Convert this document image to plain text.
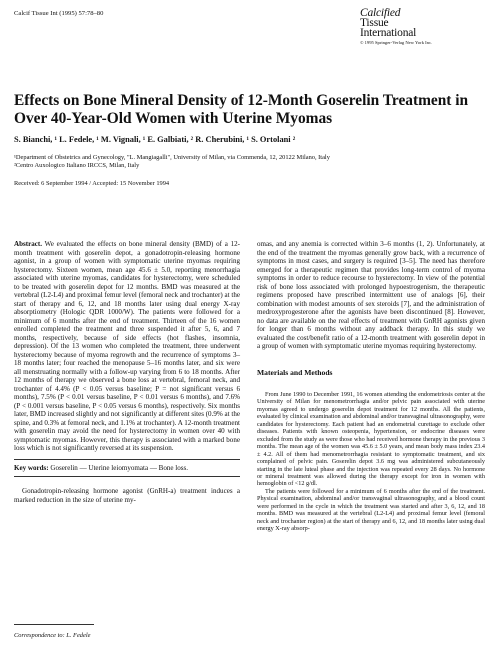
Calcif Tissue Int (1995) 57:78–80	Calcified
Tissue
International
© 1995 Springer-Verlag New York Inc.
Effects on Bone Mineral Density of 12-Month Goserelin Treatment in Over 40-Year-Old Women with Uterine Myomas
S. Bianchi, ¹ L. Fedele, ¹ M. Vignali, ¹ E. Galbiati, ² R. Cherubini, ¹ S. Ortolani ²
¹Department of Obstetrics and Gynecology, "L. Mangiagalli", University of Milan, via Commenda, 12, 20122 Milano, Italy
²Centro Auxologico Italiano IRCCS, Milan, Italy
Received: 6 September 1994 / Accepted: 15 November 1994

Abstract. We evaluated the effects on bone mineral density (BMD) of a 12-month treatment with goserelin depot, a gonadotropin-releasing hormone agonist, in a group of women with symptomatic uterine myomas requiring hysterectomy. Sixteen women, mean age 45.6 ± 5.0, reporting menorrhagia associated with uterine myomas, candidates for hysterectomy, were scheduled to be treated with goserelin depot for 12 months. BMD was measured at the vertebral (L2-L4) and proximal femur level (femoral neck and trochanter) at the start of therapy and 6, 12, and 18 months later using dual energy X-ray absorptiometry (Hologic QDR 1000/W). The patients were followed for a minimum of 6 months after the end of treatment. Thirteen of the 16 women enrolled completed the treatment and three suspended it after 5, 6, and 7 months, respectively, because of side effects (hot flashes, insomnia, depression). Of the 13 women who completed the treatment, three underwent hysterectomy because of myoma regrowth and the recurrence of symptoms 3–18 months later; four reached the menopause 5–16 months later, and six were all menstruating normally with a follow-up varying from 6 to 18 months. After 12 months of therapy we observed a bone loss at vertebral, femoral neck, and trochanter of 4.4% (P < 0.05 versus baseline; P = not significant versus 6 months), 7.5% (P < 0.01 versus baseline, P < 0.01 versus 6 months), and 7.6% (P < 0.001 versus baseline, P < 0.05 versus 6 months), respectively. Six months later, BMD increased slightly and not significantly at different sites (0.9% at the spine, and 0.3% at femoral neck, and 1.1% at trochanter). A 12-month treatment with goserelin may avoid the need for hysterectomy in women over 40 with symptomatic myomas. However, this therapy is associated with a marked bone loss which is not significantly reversed at its suspension.

Key words: Goserelin — Uterine leiomyomata — Bone loss.

Gonadotropin-releasing hormone agonist (GnRH-a) treatment induces a marked reduction in the size of uterine my-

Correspondence to: L. Fedele

omas, and any anemia is corrected within 3–6 months (1, 2). Unfortunately, at the end of the treatment the myomas generally grow back, with a recurrence of symptoms in most cases, and surgery is required [3–5]. The need has therefore emerged for a therapeutic regimen that provides long-term control of myoma symptoms in order to reduce recourse to hysterectomy. In view of the potential risk of bone loss associated with prolonged hypoestrogenism, the therapeutic regimens proposed have prescribed intermittent use of analogs [6], their combination with modest amounts of sex steroids [7], and the administration of medroxyprogesterone after the agonists have been discontinued [8]. However, no data are available on the real effects of treatment with GnRH agonists given for longer than 6 months without any addback therapy. In this study we evaluated the cost/benefit ratio of a 12-month treatment with goserelin depot in a group of women with symptomatic uterine myomas requiring hysterectomy.

Materials and Methods

From June 1990 to December 1991, 16 women attending the endometriosis center at the University of Milan for menometrorrhagia and/or pelvic pain associated with uterine myomas agreed to undergo goserelin depot treatment for 12 months. All the patients, evaluated by clinical examination and abdominal and/or transvaginal ultrasonography, were candidates for hysterectomy. Each patient had an endometrial curettage to exclude other diseases. Patients with known osteopenia, hypertension, or endocrine diseases were excluded from the study as were those who had received hormone therapy in the previous 3 months. The mean age of the women was 45.6 ± 5.0 years, and mean body mass index 23.4 ± 4.2. All of them had menometrorrhagia resistant to symptomatic treatment, and six complained of pelvic pain. Goserelin depot 3.6 mg was administered subcutaneously starting in the late luteal phase and the injection was repeated every 28 days. No hormone or mineral treatment was allowed during the therapy except for iron in women with hemoglobin of <12 g/dl.

The patients were followed for a minimum of 6 months after the end of the treatment. Physical examination, abdominal and/or transvaginal ultrasonography, and a blood count were performed in the cycle in which the treatment was started and after 3, 6, 12, and 18 months. BMD was measured at the vertebral (L2-L4) and proximal femur level (femoral neck and trochanter region) at the start of therapy and 6, 12, and 18 months later using dual energy X-ray absorp-
